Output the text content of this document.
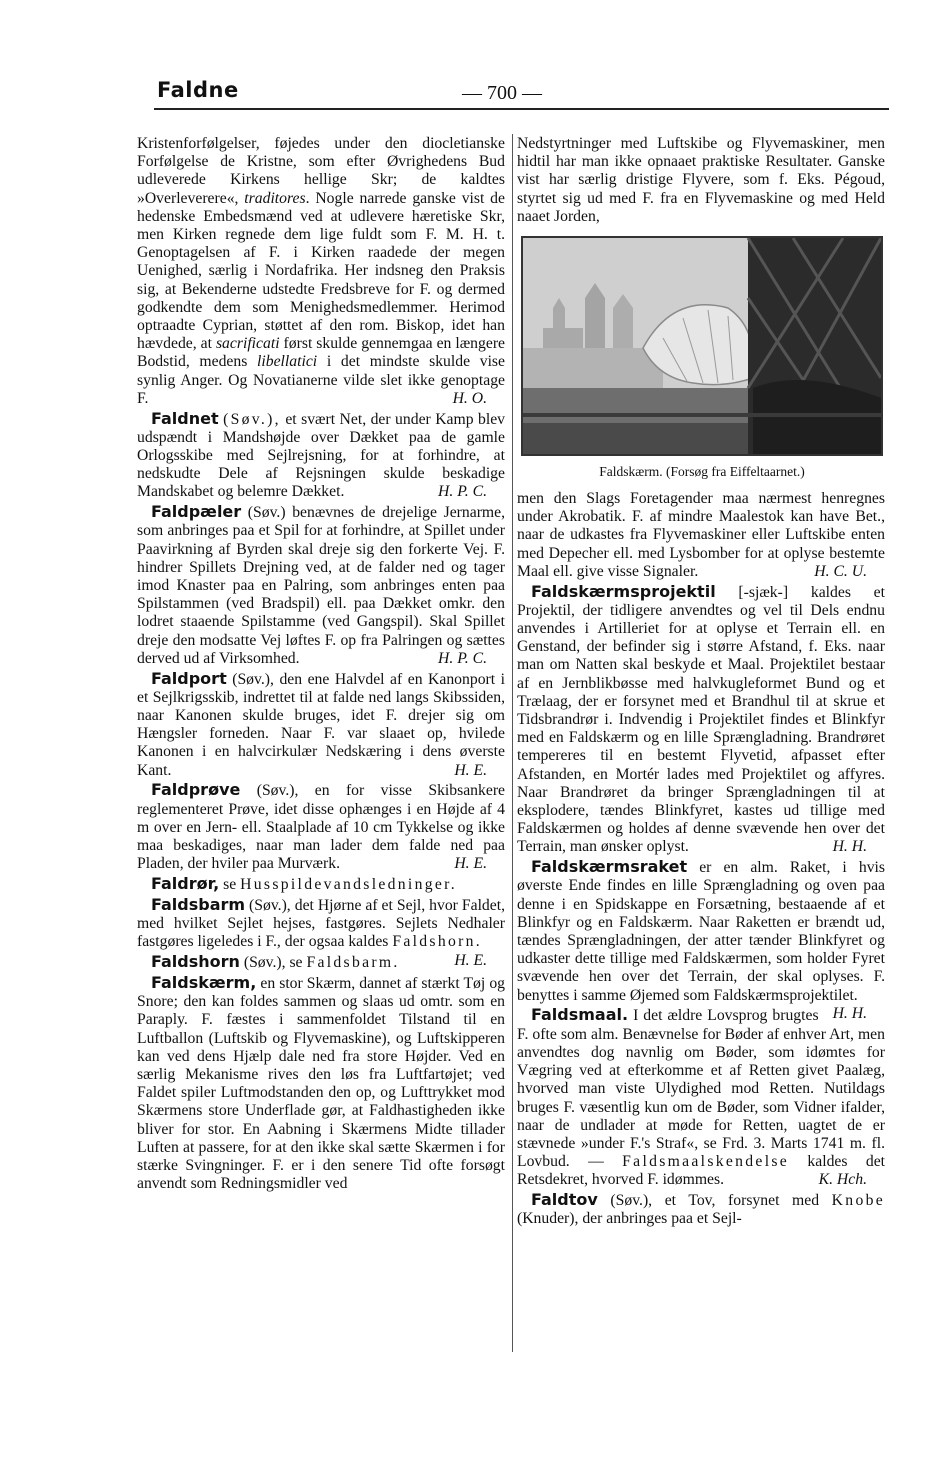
Faldne	— 700 —

Kristenforfølgelser, føjedes under den diocletianske Forfølgelse de Kristne, som efter Øvrighedens Bud udleverede Kirkens hellige Skr; de kaldtes »Overleverere«, traditores. Nogle narrede ganske vist de hedenske Embedsmænd ved at udlevere hæretiske Skr, men Kirken regnede dem lige fuldt som F. M. H. t. Genoptagelsen af F. i Kirken raadede der megen Uenighed, særlig i Nordafrika. Her indsneg den Praksis sig, at Bekenderne udstedte Fredsbreve for F. og dermed godkendte dem som Menighedsmedlemmer. Herimod optraadte Cyprian, støttet af den rom. Biskop, idet han hævdede, at sacrificati først skulde gennemgaa en længere Bodstid, medens libellatici i det mindste skulde vise synlig Anger. Og Novatianerne vilde slet ikke genoptage F.	H. O.

Faldnet (Søv.), et svært Net, der under Kamp blev udspændt i Mandshøjde over Dækket paa de gamle Orlogsskibe med Sejlrejsning, for at forhindre, at nedskudte Dele af Rejsningen skulde beskadige Mandskabet og belemre Dækket.	H. P. C.

Faldpæler (Søv.) benævnes de drejelige Jernarme, som anbringes paa et Spil for at forhindre, at Spillet under Paavirkning af Byrden skal dreje sig den forkerte Vej. F. hindrer Spillets Drejning ved, at de falder ned og tager imod Knaster paa en Palring, som anbringes enten paa Spilstammen (ved Bradspil) ell. paa Dækket omkr. den lodret staaende Spilstamme (ved Gangspil). Skal Spillet dreje den modsatte Vej løftes F. op fra Palringen og sættes derved ud af Virksomhed.	H. P. C.

Faldport (Søv.), den ene Halvdel af en Kanonport i et Sejlkrigsskib, indrettet til at falde ned langs Skibssiden, naar Kanonen skulde bruges, idet F. drejer sig om Hængsler forneden. Naar F. var slaaet op, hvilede Kanonen i en halvcirkulær Nedskæring i dens øverste Kant.	H. E.

Faldprøve (Søv.), en for visse Skibsankere reglementeret Prøve, idet disse ophænges i en Højde af 4 m over en Jern- ell. Staalplade af 10 cm Tykkelse og ikke maa beskadiges, naar man lader dem falde ned paa Pladen, der hviler paa Murværk.	H. E.

Faldrør, se Husspildevandsledninger.

Faldsbarm (Søv.), det Hjørne af et Sejl, hvor Faldet, med hvilket Sejlet hejses, fastgøres. Sejlets Nedhaler fastgøres ligeledes i F., der ogsaa kaldes Faldshorn.
H. E.

Faldshorn (Søv.), se Faldsbarm.

Faldskærm, en stor Skærm, dannet af stærkt Tøj og Snore; den kan foldes sammen og slaas ud omtr. som en Paraply. F. fæstes i sammenfoldet Tilstand til en Luftballon (Luftskib og Flyvemaskine), og Luftskipperen kan ved dens Hjælp dale ned fra store Højder. Ved en særlig Mekanisme rives den løs fra Luftfartøjet; ved Faldet spiler Luftmodstanden den op, og Lufttrykket mod Skærmens store Underflade gør, at Faldhastigheden ikke bliver for stor. En Aabning i Skærmens Midte tillader Luften at passere, for at den ikke skal sætte Skærmen i for stærke Svingninger. F. er i den senere Tid ofte forsøgt anvendt som Redningsmidler ved

Nedstyrtninger med Luftskibe og Flyvemaskiner, men hidtil har man ikke opnaaet praktiske Resultater. Ganske vist har særlig dristige Flyvere, som f. Eks. Pégoud, styrtet sig ud med F. fra en Flyvemaskine og med Held naaet Jorden,

Faldskærm. (Forsøg fra Eiffeltaarnet.)

men den Slags Foretagender maa nærmest henregnes under Akrobatik. F. af mindre Maalestok kan have Bet., naar de udkastes fra Flyvemaskiner eller Luftskibe enten med Depecher ell. med Lysbomber for at oplyse bestemte Maal ell. give visse Signaler.	H. C. U.

Faldskærmsprojektil [-sjæk-] kaldes et Projektil, der tidligere anvendtes og vel til Dels endnu anvendes i Artilleriet for at oplyse et Terrain ell. en Genstand, der befinder sig i større Afstand, f. Eks. naar man om Natten skal beskyde et Maal. Projektilet bestaar af en Jernblikbøsse med halvkugleformet Bund og et Trælaag, der er forsynet med et Brandhul til at skrue et Tidsbrandrør i. Indvendig i Projektilet findes et Blinkfyr med en Faldskærm og en lille Sprængladning. Brandrøret tempereres til en bestemt Flyvetid, afpasset efter Afstanden, en Mortér lades med Projektilet og affyres. Naar Brandrøret da bringer Sprængladningen til at eksplodere, tændes Blinkfyret, kastes ud tillige med Faldskærmen og holdes af denne svævende hen over det Terrain, man ønsker oplyst.	H. H.

Faldskærmsraket er en alm. Raket, i hvis øverste Ende findes en lille Sprængladning og oven paa denne i en Spidskappe en Forsætning, bestaaende af et Blinkfyr og en Faldskærm. Naar Raketten er brændt ud, tændes Sprængladningen, der atter tænder Blinkfyret og udkaster dette tillige med Faldskærmen, som holder Fyret svævende hen over det Terrain, der skal oplyses. F. benyttes i samme Øjemed som Faldskærmsprojektilet.
H. H.

Faldsmaal. I det ældre Lovsprog brugtes F. ofte som alm. Benævnelse for Bøder af enhver Art, men anvendtes dog navnlig om Bøder, som idømtes for Vægring ved at efterkomme et af Retten givet Paalæg, hvorved man viste Ulydighed mod Retten. Nutildags bruges F. væsentlig kun om de Bøder, som Vidner ifalder, naar de undlader at møde for Retten, uagtet de er stævnede »under F.'s Straf«, se Frd. 3. Marts 1741 m. fl. Lovbud. — Faldsmaalskendelse kaldes det Retsdekret, hvorved F. idømmes.	K. Hch.

Faldtov (Søv.), et Tov, forsynet med Knobe (Knuder), der anbringes paa et Sejl-
